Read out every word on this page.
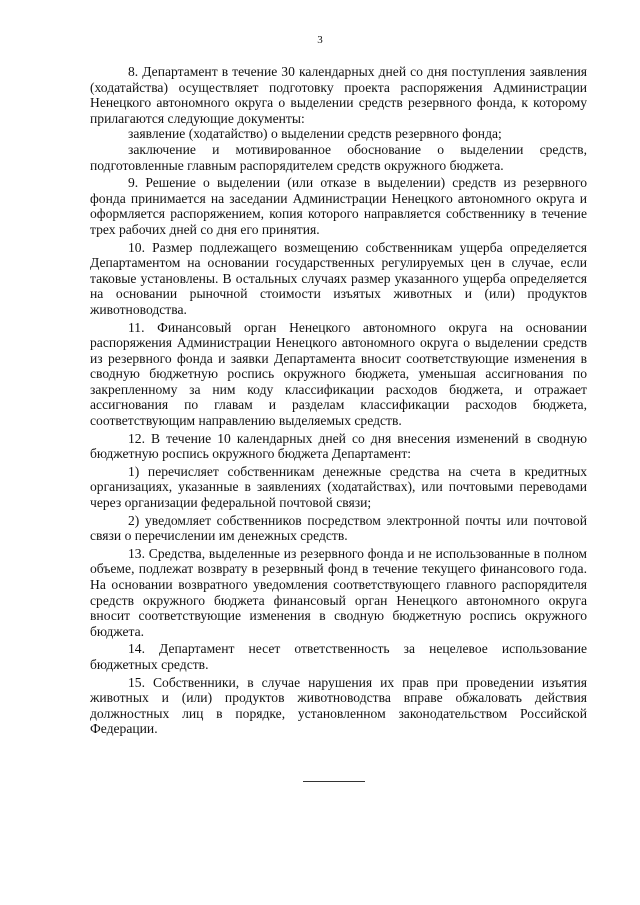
3

8. Департамент в течение 30 календарных дней со дня поступления заявления (ходатайства) осуществляет подготовку проекта распоряжения Администрации Ненецкого автономного округа о выделении средств резервного фонда, к которому прилагаются следующие документы:

заявление (ходатайство) о выделении средств резервного фонда;

заключение и мотивированное обоснование о выделении средств, подготовленные главным распорядителем средств окружного бюджета.

9. Решение о выделении (или отказе в выделении) средств из резервного фонда принимается на заседании Администрации Ненецкого автономного округа и оформляется распоряжением, копия которого направляется собственнику в течение трех рабочих дней со дня его принятия.

10. Размер подлежащего возмещению собственникам ущерба определяется Департаментом на основании государственных регулируемых цен в случае, если таковые установлены. В остальных случаях размер указанного ущерба определяется на основании рыночной стоимости изъятых животных и (или) продуктов животноводства.

11. Финансовый орган Ненецкого автономного округа на основании распоряжения Администрации Ненецкого автономного округа о выделении средств из резервного фонда и заявки Департамента вносит соответствующие изменения в сводную бюджетную роспись окружного бюджета, уменьшая ассигнования по закрепленному за ним коду классификации расходов бюджета, и отражает ассигнования по главам и разделам классификации расходов бюджета, соответствующим направлению выделяемых средств.

12. В течение 10 календарных дней со дня внесения изменений в сводную бюджетную роспись окружного бюджета Департамент:

1) перечисляет собственникам денежные средства на счета в кредитных организациях, указанные в заявлениях (ходатайствах), или почтовыми переводами через организации федеральной почтовой связи;

2) уведомляет собственников посредством электронной почты или почтовой связи о перечислении им денежных средств.

13. Средства, выделенные из резервного фонда и не использованные в полном объеме, подлежат возврату в резервный фонд в течение текущего финансового года. На основании возвратного уведомления соответствующего главного распорядителя средств окружного бюджета финансовый орган Ненецкого автономного округа вносит соответствующие изменения в сводную бюджетную роспись окружного бюджета.

14. Департамент несет ответственность за нецелевое использование бюджетных средств.

15. Собственники, в случае нарушения их прав при проведении изъятия животных и (или) продуктов животноводства вправе обжаловать действия должностных лиц в порядке, установленном законодательством Российской Федерации.
